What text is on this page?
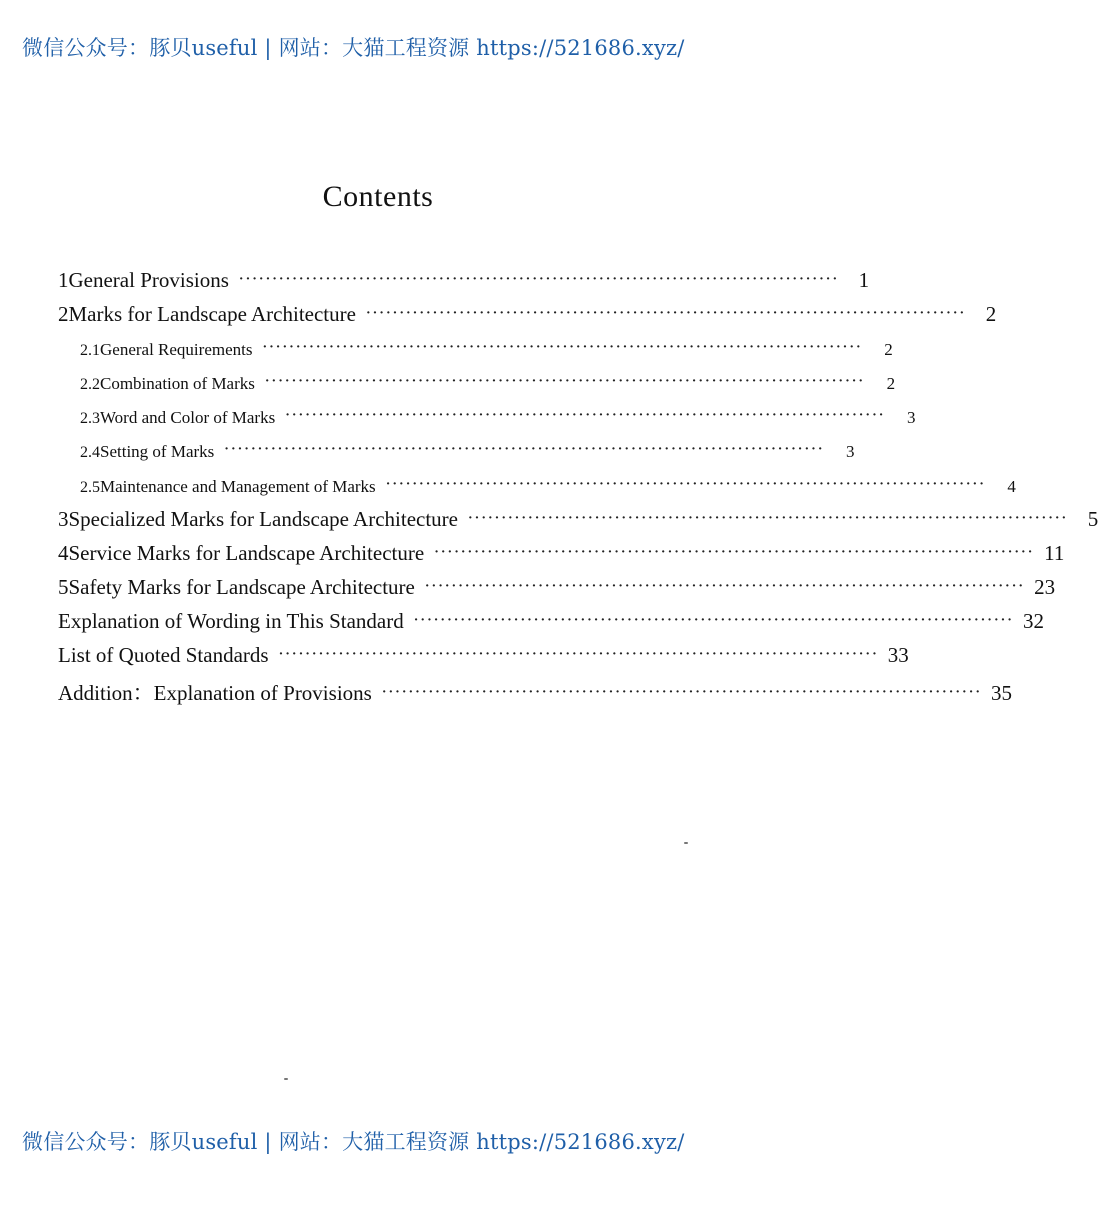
微信公众号：豚贝useful | 网站：大猫工程资源 https://521686.xyz/
Contents
1 General Provisions ·························································································· 1
2 Marks for Landscape Architecture ·························································································· 2
2.1 General Requirements ··························································································	2
2.2 Combination of Marks ··························································································	2
2.3 Word and Color of Marks ··························································································	3
2.4 Setting of Marks ··························································································	3
2.5 Maintenance and Management of Marks ··························································································	4
3 Specialized Marks for Landscape Architecture ·························································································· 5
4 Service Marks for Landscape Architecture ·························································································· 11
5 Safety Marks for Landscape Architecture ·························································································· 23
Explanation of Wording in This Standard ·························································································· 32
List of Quoted Standards ·························································································· 33
Addition：Explanation of Provisions ·························································································· 35
微信公众号：豚贝useful | 网站：大猫工程资源 https://521686.xyz/
